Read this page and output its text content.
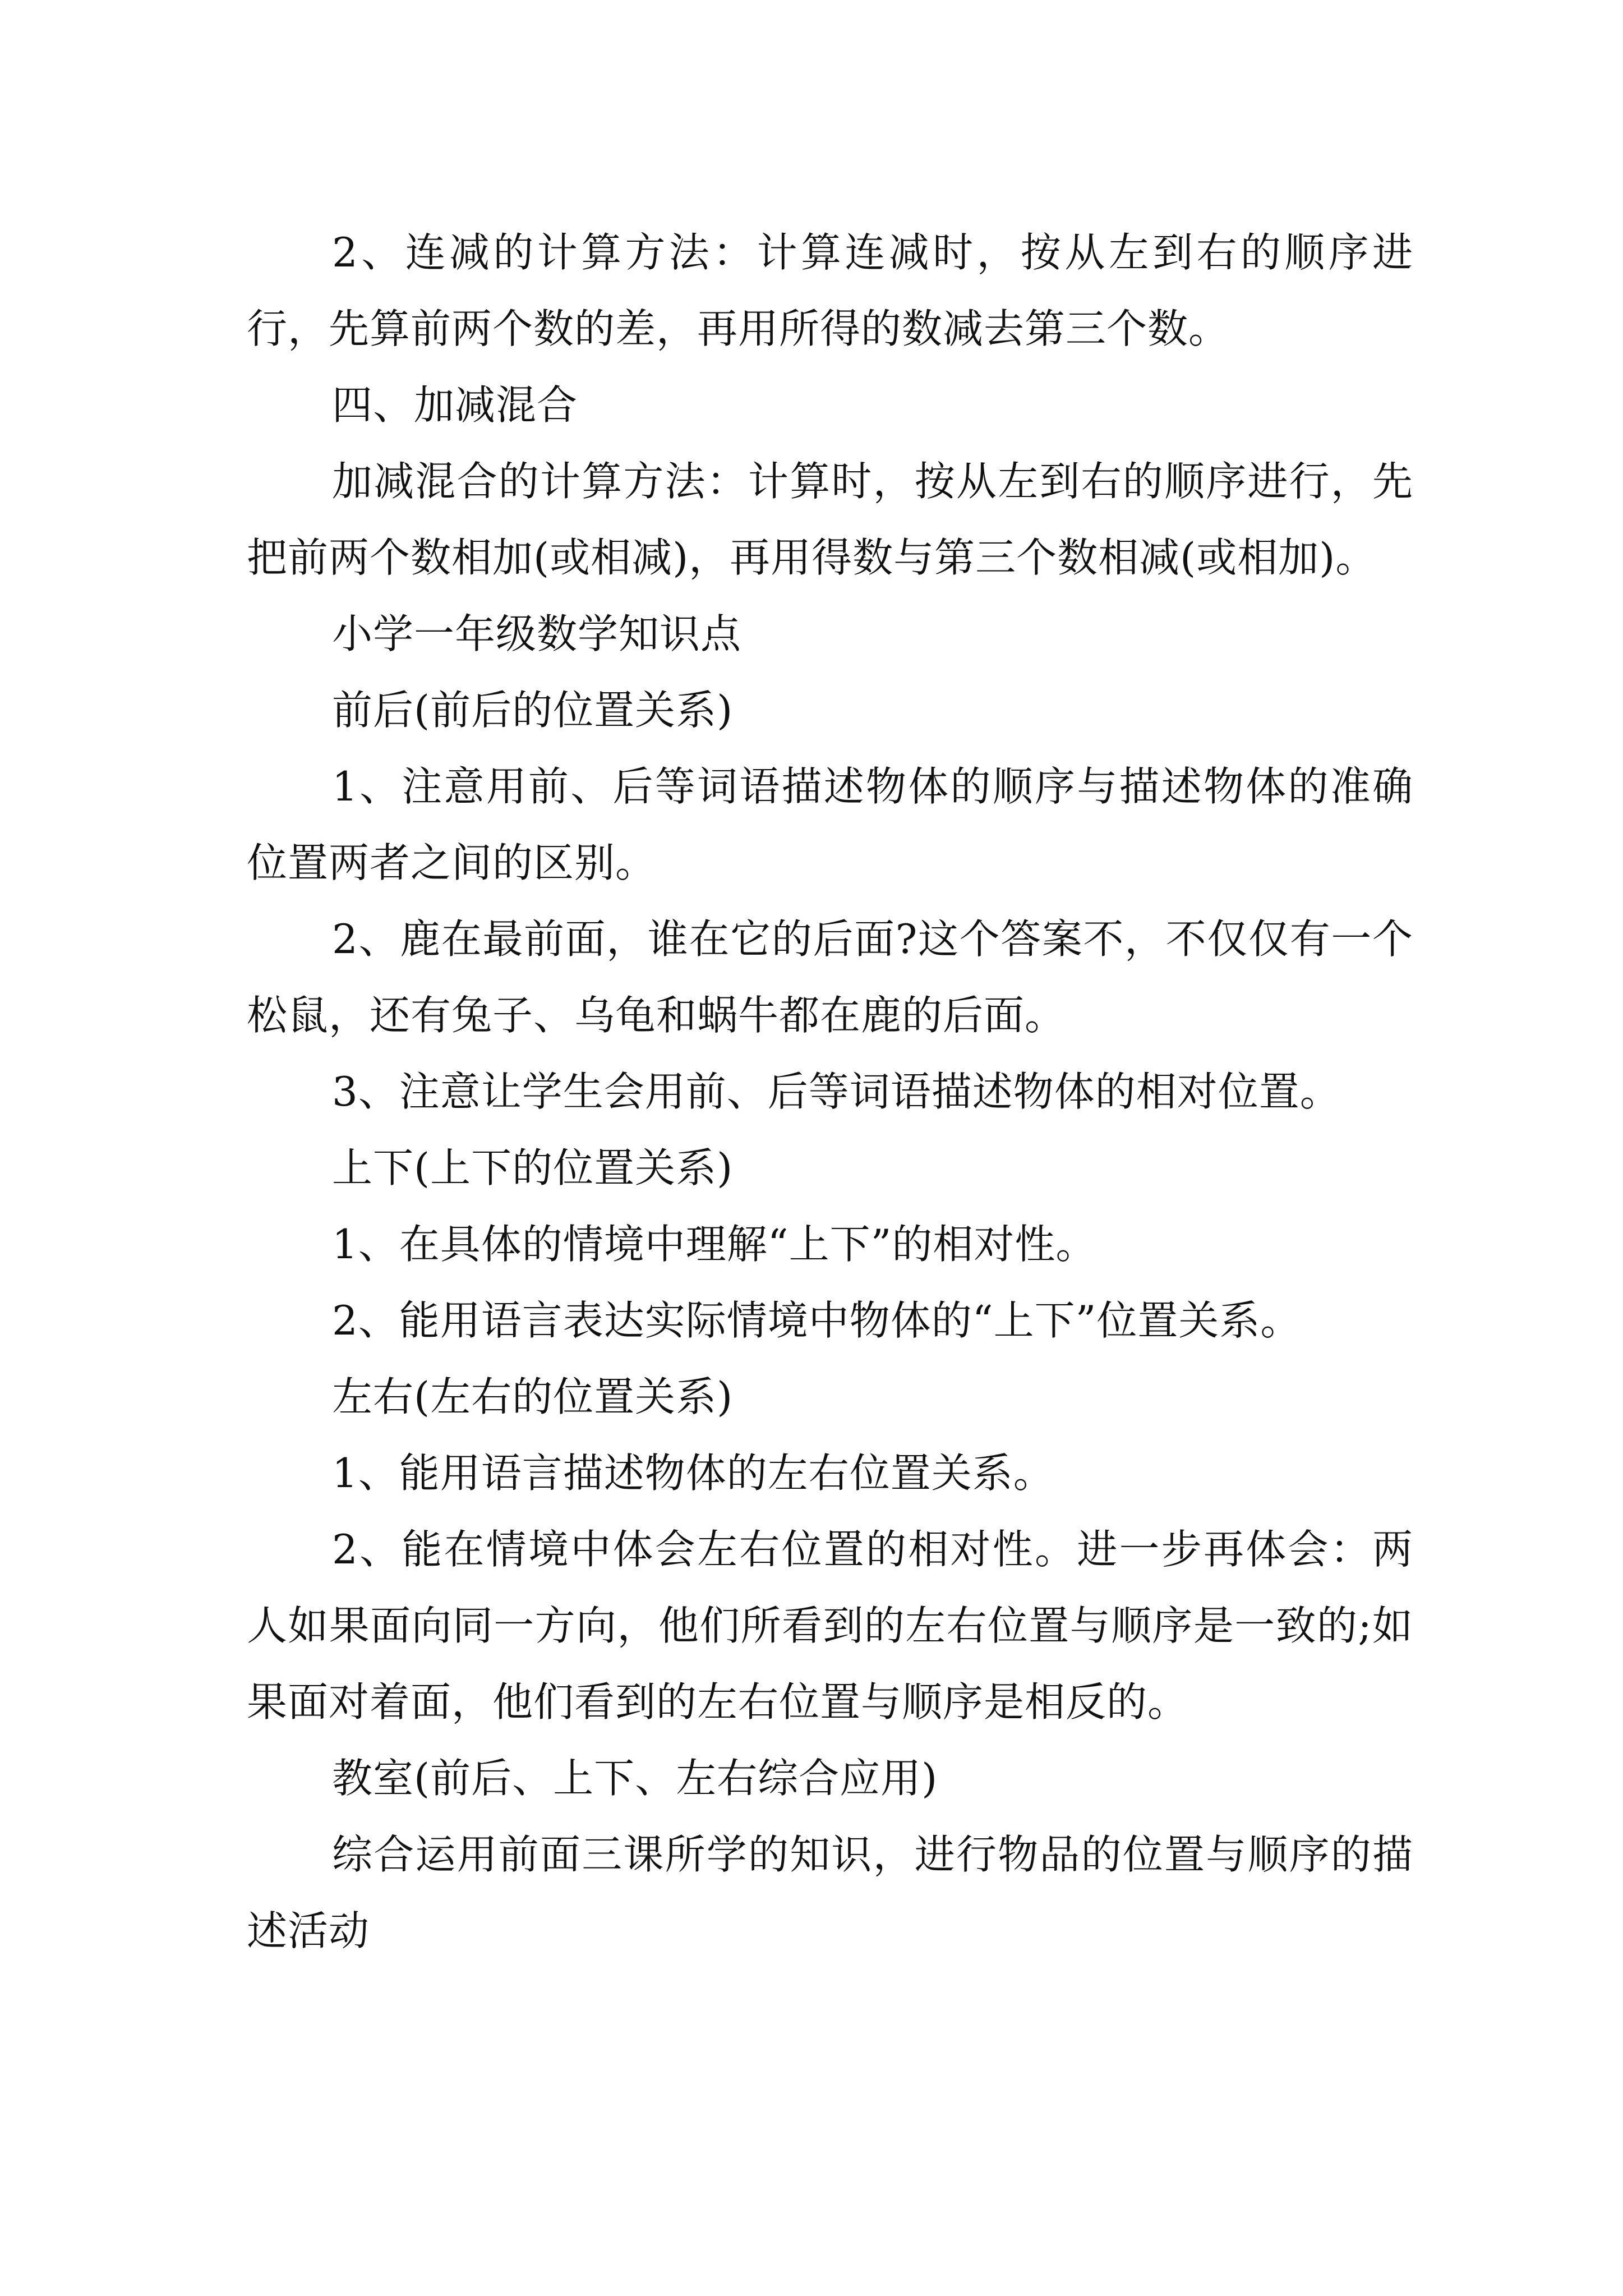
2、连减的计算方法：计算连减时，按从左到右的顺序进行，先算前两个数的差，再用所得的数减去第三个数。

四、加减混合

加减混合的计算方法：计算时，按从左到右的顺序进行，先把前两个数相加(或相减)，再用得数与第三个数相减(或相加)。

小学一年级数学知识点

前后(前后的位置关系)

1、注意用前、后等词语描述物体的顺序与描述物体的准确位置两者之间的区别。

2、鹿在最前面，谁在它的后面?这个答案不，不仅仅有一个松鼠，还有兔子、乌龟和蜗牛都在鹿的后面。

3、注意让学生会用前、后等词语描述物体的相对位置。

上下(上下的位置关系)

1、在具体的情境中理解“上下”的相对性。

2、能用语言表达实际情境中物体的“上下”位置关系。

左右(左右的位置关系)

1、能用语言描述物体的左右位置关系。

2、能在情境中体会左右位置的相对性。进一步再体会：两人如果面向同一方向，他们所看到的左右位置与顺序是一致的;如果面对着面，他们看到的左右位置与顺序是相反的。

教室(前后、上下、左右综合应用)

综合运用前面三课所学的知识，进行物品的位置与顺序的描述活动
